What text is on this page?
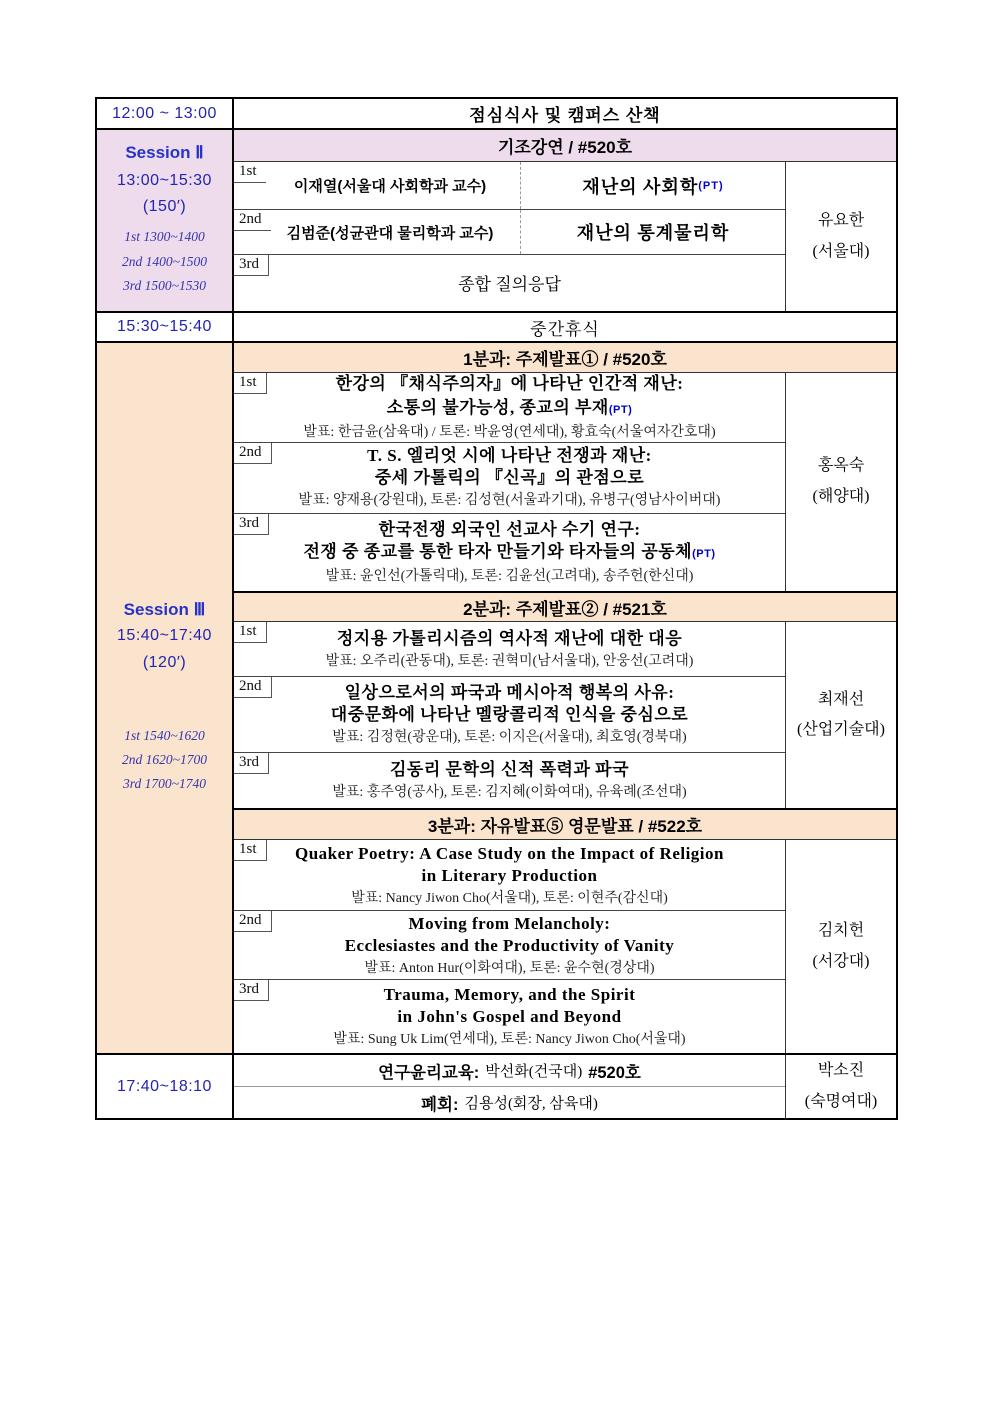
12:00 ~ 13:00	점심식사 및 캠퍼스 산책
Session Ⅱ
13:00~15:30
(150′)
1st 1300~1400
2nd 1400~1500
3rd 1500~1530
기조강연 / #520호
1st
이재열(서울대 사회학과 교수)	재난의 사회학 (PT)
2nd
김범준(성균관대 물리학과 교수)	재난의 통계물리학
3rd
종합 질의응답
유요한
(서울대)
15:30~15:40	중간휴식
Session Ⅲ
15:40~17:40
(120′)
1st 1540~1620
2nd 1620~1700
3rd 1700~1740
1분과: 주제발표① / #520호
1st	한강의 『채식주의자』에 나타난 인간적 재난:
소통의 불가능성, 종교의 부재(PT)
발표: 한금윤(삼육대) / 토론: 박윤영(연세대), 황효숙(서울여자간호대)
2nd	T. S. 엘리엇 시에 나타난 전쟁과 재난:
중세 가톨릭의 『신곡』의 관점으로
발표: 양재용(강원대), 토론: 김성현(서울과기대), 유병구(영남사이버대)
3rd	한국전쟁 외국인 선교사 수기 연구:
전쟁 중 종교를 통한 타자 만들기와 타자들의 공동체(PT)
발표: 윤인선(가톨릭대), 토론: 김윤선(고려대), 송주헌(한신대)
홍옥숙
(해양대)
2분과: 주제발표② / #521호
1st	정지용 가톨리시즘의 역사적 재난에 대한 대응
발표: 오주리(관동대), 토론: 권혁미(남서울대), 안웅선(고려대)
2nd	일상으로서의 파국과 메시아적 행복의 사유:
대중문화에 나타난 멜랑콜리적 인식을 중심으로
발표: 김정현(광운대), 토론: 이지은(서울대), 최호영(경북대)
3rd	김동리 문학의 신적 폭력과 파국
발표: 홍주영(공사), 토론: 김지혜(이화여대), 유육례(조선대)
최재선
(산업기술대)
3분과: 자유발표⑤ 영문발표 / #522호
1st	Quaker Poetry: A Case Study on the Impact of Religion
in Literary Production
발표: Nancy Jiwon Cho(서울대), 토론: 이현주(감신대)
2nd	Moving from Melancholy:
Ecclesiastes and the Productivity of Vanity
발표: Anton Hur(이화여대), 토론: 윤수현(경상대)
3rd	Trauma, Memory, and the Spirit
in John's Gospel and Beyond
발표: Sung Uk Lim(연세대), 토론: Nancy Jiwon Cho(서울대)
김치헌
(서강대)
17:40~18:10
연구윤리교육: 박선화(건국대) #520호
폐회: 김용성(회장, 삼육대)
박소진
(숙명여대)
